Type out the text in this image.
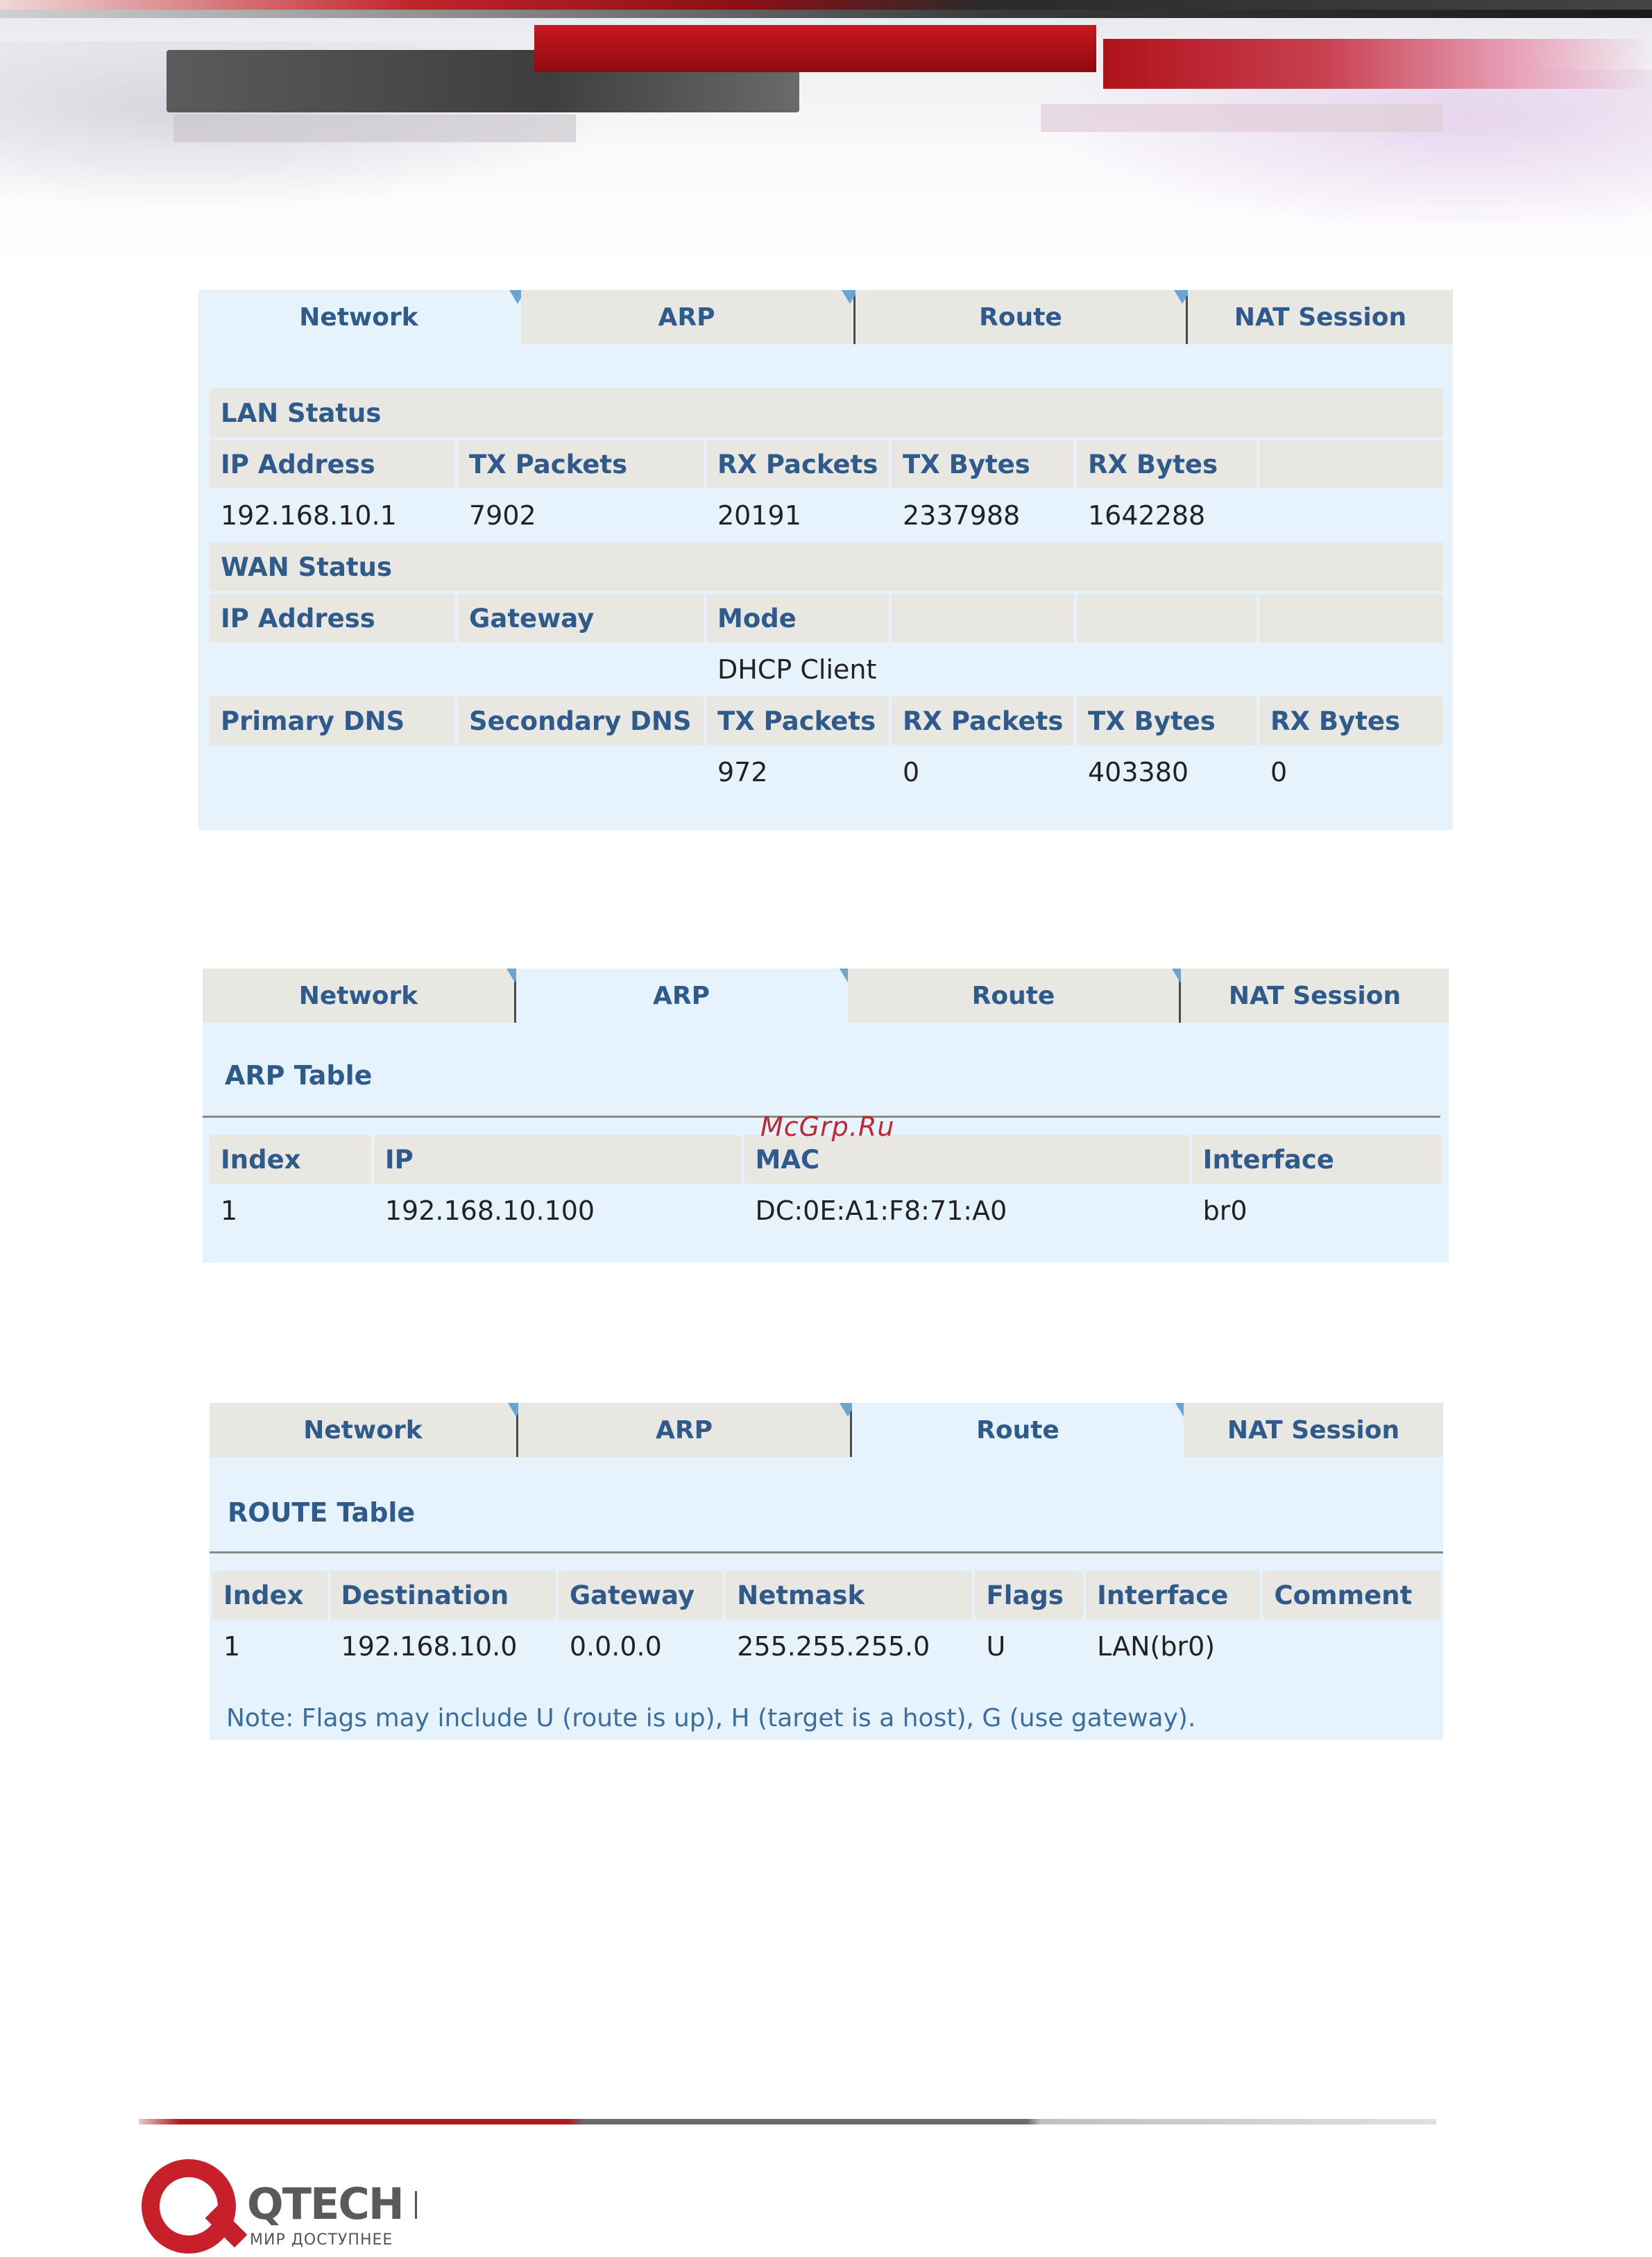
Network	ARP	Route	NAT Session
LAN Status					
IP Address	TX Packets	RX Packets	TX Bytes	RX Bytes	
192.168.10.1	7902	20191	2337988	1642288	
WAN Status					
IP Address	Gateway	Mode			
		DHCP Client			
Primary DNS	Secondary DNS	TX Packets	RX Packets	TX Bytes	RX Bytes
		972	0	403380	0
Network	ARP	Route	NAT Session
ARP Table
Index	IP	MAC	Interface
1	192.168.10.100	DC:0E:A1:F8:71:A0	br0
McGrp.Ru
Network	ARP	Route	NAT Session
ROUTE Table
Index	Destination	Gateway	Netmask	Flags	Interface	Comment
1	192.168.10.0	0.0.0.0	255.255.255.0	U	LAN(br0)	
Note: Flags may include U (route is up), H (target is a host), G (use gateway).
QTECH
МИР ДОСТУПНЕЕ
